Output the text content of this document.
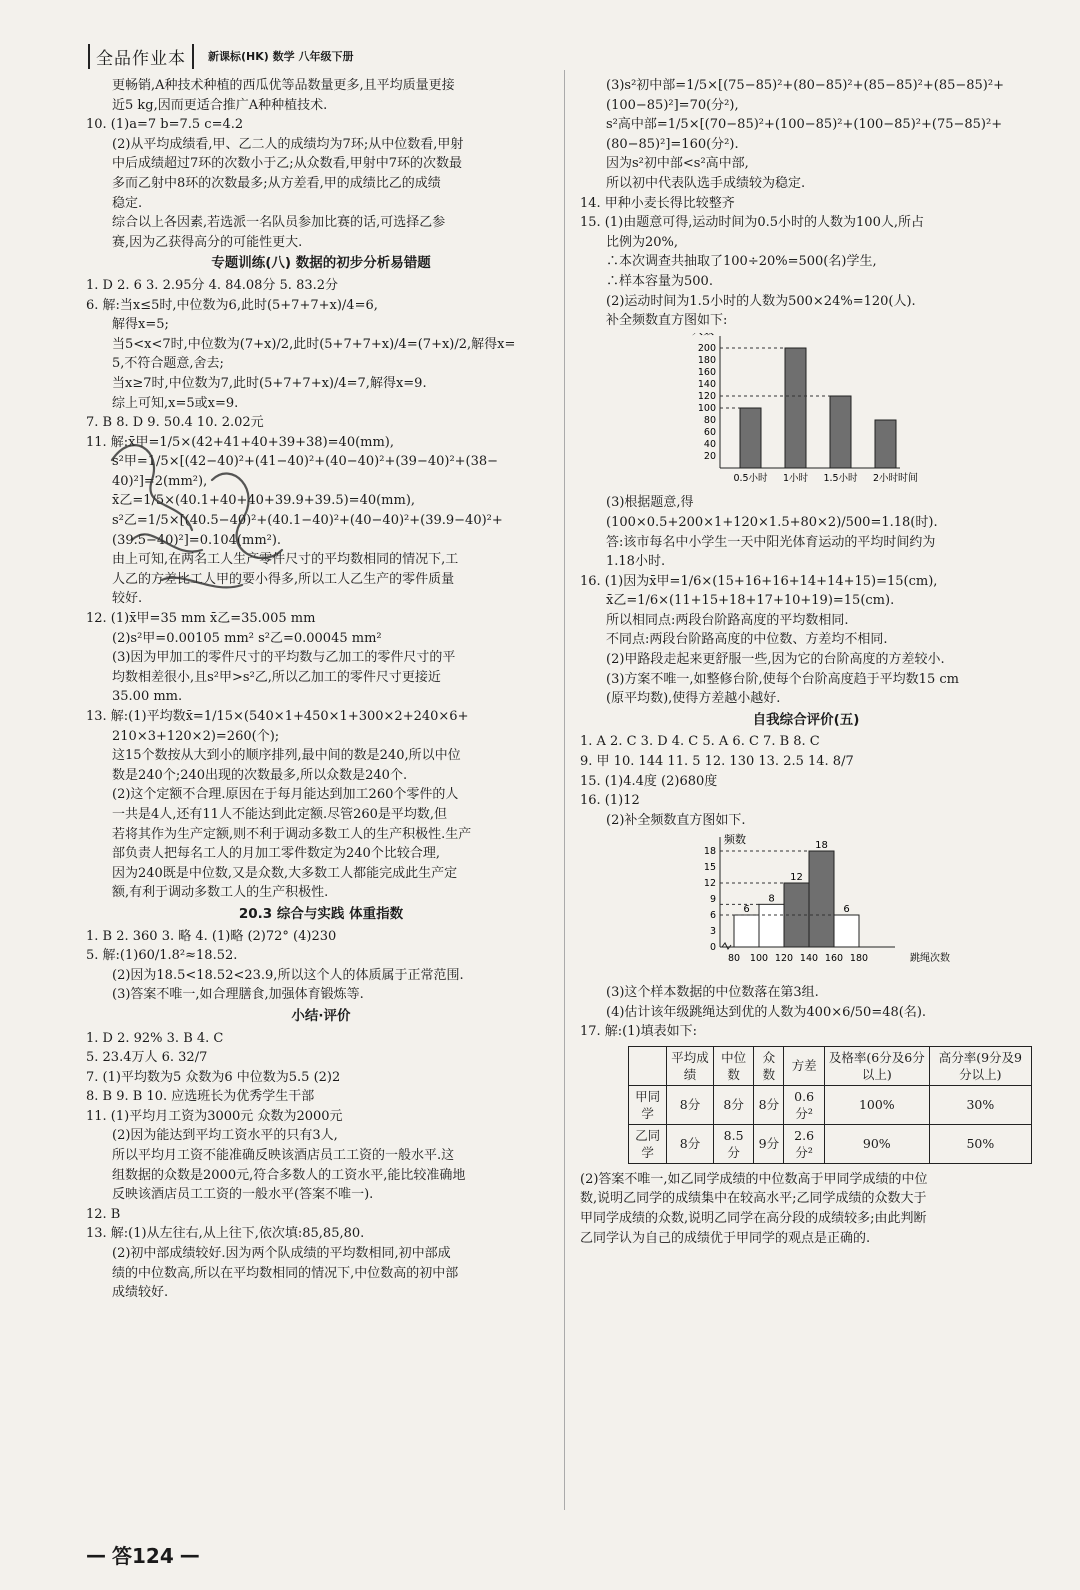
全品作业本	新课标(HK) 数学 八年级下册
　　更畅销,A种技术种植的西瓜优等品数量更多,且平均质量更接
　　近5 kg,因而更适合推广A种种植技术.
10. (1)a=7 b=7.5 c=4.2
　　(2)从平均成绩看,甲、乙二人的成绩均为7环;从中位数看,甲射
　　中后成绩超过7环的次数小于乙;从众数看,甲射中7环的次数最
　　多而乙射中8环的次数最多;从方差看,甲的成绩比乙的成绩
　　稳定.
　　综合以上各因素,若选派一名队员参加比赛的话,可选择乙参
　　赛,因为乙获得高分的可能性更大.
专题训练(八) 数据的初步分析易错题
1. D 2. 6 3. 2.95分 4. 84.08分 5. 83.2分
6. 解:当x≤5时,中位数为6,此时(5+7+7+x)/4=6,
　　解得x=5;
　　当5<x<7时,中位数为(7+x)/2,此时(5+7+7+x)/4=(7+x)/2,解得x=
　　5,不符合题意,舍去;
　　当x≥7时,中位数为7,此时(5+7+7+x)/4=7,解得x=9.
　　综上可知,x=5或x=9.
7. B 8. D 9. 50.4 10. 2.02元
11. 解:x̄甲=1/5×(42+41+40+39+38)=40(mm),
　　s²甲=1/5×[(42−40)²+(41−40)²+(40−40)²+(39−40)²+(38−
　　40)²]=2(mm²),
　　x̄乙=1/5×(40.1+40+40+39.9+39.5)=40(mm),
　　s²乙=1/5×[(40.5−40)²+(40.1−40)²+(40−40)²+(39.9−40)²+
　　(39.5−40)²]=0.104(mm²).
　　由上可知,在两名工人生产零件尺寸的平均数相同的情况下,工
　　人乙的方差比工人甲的要小得多,所以工人乙生产的零件质量
　　较好.
12. (1)x̄甲=35 mm x̄乙=35.005 mm
　　(2)s²甲=0.00105 mm² s²乙=0.00045 mm²
　　(3)因为甲加工的零件尺寸的平均数与乙加工的零件尺寸的平
　　均数相差很小,且s²甲>s²乙,所以乙加工的零件尺寸更接近
　　35.00 mm.
13. 解:(1)平均数x̄=1/15×(540×1+450×1+300×2+240×6+
　　210×3+120×2)=260(个);
　　这15个数按从大到小的顺序排列,最中间的数是240,所以中位
　　数是240个;240出现的次数最多,所以众数是240个.
　　(2)这个定额不合理.原因在于每月能达到加工260个零件的人
　　一共是4人,还有11人不能达到此定额.尽管260是平均数,但
　　若将其作为生产定额,则不利于调动多数工人的生产积极性.生产
　　部负责人把每名工人的月加工零件数定为240个比较合理,
　　因为240既是中位数,又是众数,大多数工人都能完成此生产定
　　额,有利于调动多数工人的生产积极性.
20.3 综合与实践 体重指数
1. B 2. 360 3. 略 4. (1)略 (2)72° (4)230
5. 解:(1)60/1.8²≈18.52.
　　(2)因为18.5<18.52<23.9,所以这个人的体质属于正常范围.
　　(3)答案不唯一,如合理膳食,加强体育锻炼等.
小结·评价
1. D 2. 92% 3. B 4. C
5. 23.4万人 6. 32/7
7. (1)平均数为5 众数为6 中位数为5.5 (2)2
8. B 9. B 10. 应选班长为优秀学生干部
11. (1)平均月工资为3000元 众数为2000元
　　(2)因为能达到平均工资水平的只有3人,
　　所以平均月工资不能准确反映该酒店员工工资的一般水平.这
　　组数据的众数是2000元,符合多数人的工资水平,能比较准确地
　　反映该酒店员工工资的一般水平(答案不唯一).
12. B
13. 解:(1)从左往右,从上往下,依次填:85,85,80.
　　(2)初中部成绩较好.因为两个队成绩的平均数相同,初中部成
　　绩的中位数高,所以在平均数相同的情况下,中位数高的初中部
　　成绩较好.
　　(3)s²初中部=1/5×[(75−85)²+(80−85)²+(85−85)²+(85−85)²+
　　(100−85)²]=70(分²),
　　s²高中部=1/5×[(70−85)²+(100−85)²+(100−85)²+(75−85)²+
　　(80−85)²]=160(分²).
　　因为s²初中部<s²高中部,
　　所以初中代表队选手成绩较为稳定.
14. 甲种小麦长得比较整齐
15. (1)由题意可得,运动时间为0.5小时的人数为100人,所占
　　比例为20%,
　　∴本次调查共抽取了100÷20%=500(名)学生,
　　∴样本容量为500.
　　(2)运动时间为1.5小时的人数为500×24%=120(人).
　　补全频数直方图如下:
时间
20
40
60
80
100
120
140
160
180
200
0.5小时 1小时 1.5小时 2小时
　　(3)根据题意,得
　　(100×0.5+200×1+120×1.5+80×2)/500=1.18(时).
　　答:该市每名中小学生一天中阳光体育运动的平均时间约为
　　1.18小时.
16. (1)因为x̄甲=1/6×(15+16+16+14+14+15)=15(cm),
　　x̄乙=1/6×(11+15+18+17+10+19)=15(cm).
　　所以相同点:两段台阶路高度的平均数相同.
　　不同点:两段台阶路高度的中位数、方差均不相同.
　　(2)甲路段走起来更舒服一些,因为它的台阶高度的方差较小.
　　(3)方案不唯一,如整修台阶,使每个台阶高度趋于平均数15 cm
　　(原平均数),使得方差越小越好.
自我综合评价(五)
1. A 2. C 3. D 4. C 5. A 6. C 7. B 8. C
9. 甲 10. 144 11. 5 12. 130 13. 2.5 14. 8/7
15. (1)4.4度 (2)680度
16. (1)12
　　(2)补全频数直方图如下.
频数
跳绳次数
0
3
6
9
12
15
18
6
8
12
18
6
80 100 120 140 160 180
　　(3)这个样本数据的中位数落在第3组.
　　(4)估计该年级跳绳达到优的人数为400×6/50=48(名).
17. 解:(1)填表如下:
	平均成绩	中位数	众数	方差	及格率(6分及6分以上)	高分率(9分及9分以上)
甲同学	8分	8分	8分	0.6分²	100%	30%
乙同学	8分	8.5分	9分	2.6分²	90%	50%
(2)答案不唯一,如乙同学成绩的中位数高于甲同学成绩的中位
数,说明乙同学的成绩集中在较高水平;乙同学成绩的众数大于
甲同学成绩的众数,说明乙同学在高分段的成绩较多;由此判断
乙同学认为自己的成绩优于甲同学的观点是正确的.
— 答124 —
